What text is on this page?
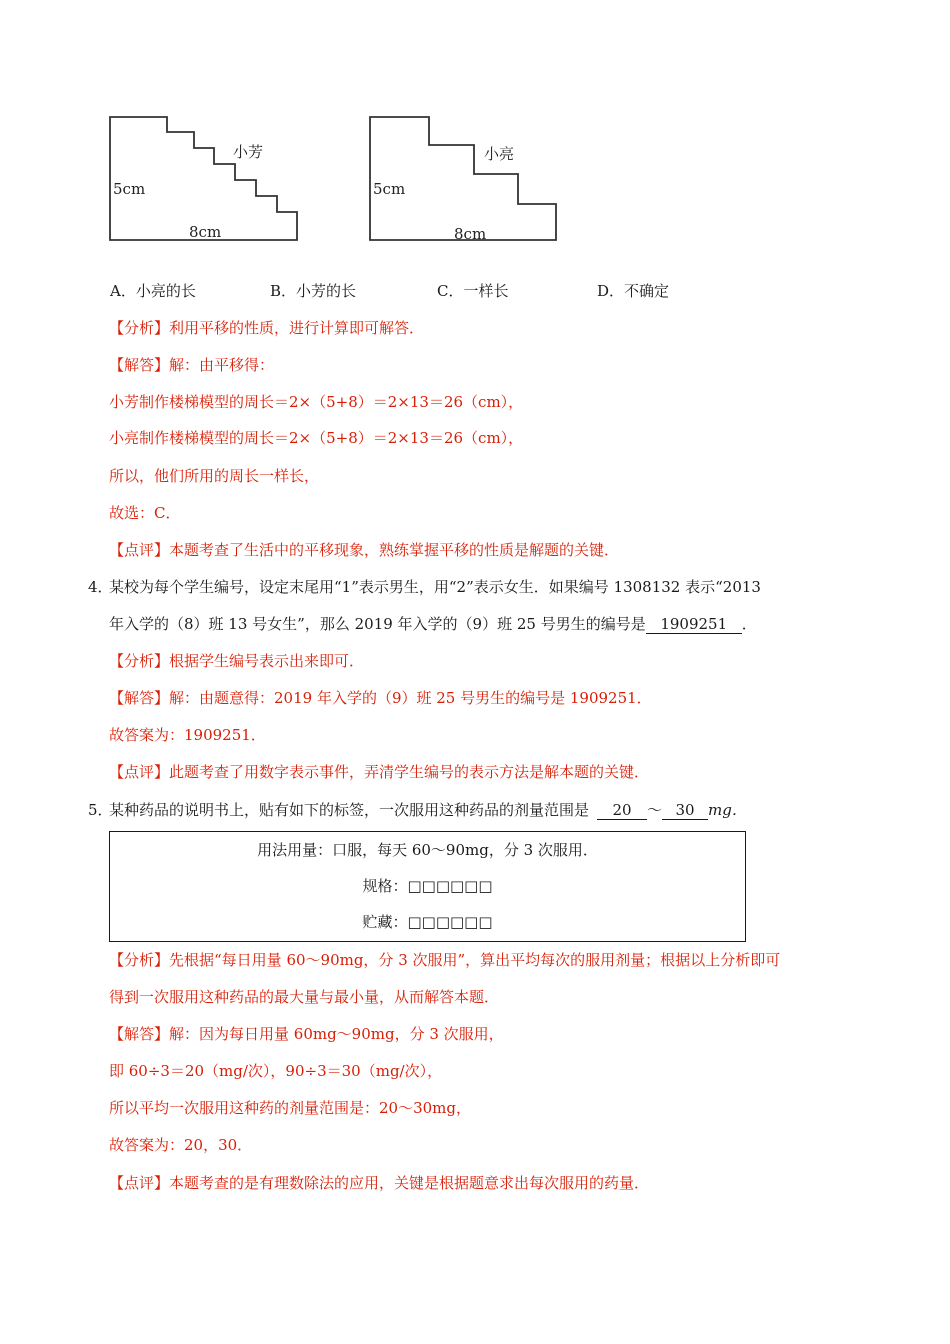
小芳
5cm
8cm
小亮
5cm
8cm
A．小亮的长	B．小芳的长	C．一样长	D．不确定
【分析】利用平移的性质，进行计算即可解答．
【解答】解：由平移得：
小芳制作楼梯模型的周长＝2×（5+8）＝2×13＝26（cm），
小亮制作楼梯模型的周长＝2×（5+8）＝2×13＝26（cm），
所以，他们所用的周长一样长，
故选：C．
【点评】本题考查了生活中的平移现象，熟练掌握平移的性质是解题的关键．
4．
某校为每个学生编号，设定末尾用“1”表示男生，用“2”表示女生．如果编号 1308132 表示“2013
年入学的（8）班 13 号女生”，那么 2019 年入学的（9）班 25 号男生的编号是 1909251 ．
【分析】根据学生编号表示出来即可．
【解答】解：由题意得：2019 年入学的（9）班 25 号男生的编号是 1909251．
故答案为：1909251．
【点评】此题考查了用数字表示事件，弄清学生编号的表示方法是解本题的关键．
5．
某种药品的说明书上，贴有如下的标签，一次服用这种药品的剂量范围是 20 ～ 30 mg．
用法用量：口服，每天 60～90mg，分 3 次服用．
规格：□□□□□□
贮藏：□□□□□□
【分析】先根据“每日用量 60～90mg，分 3 次服用”，算出平均每次的服用剂量；根据以上分析即可
得到一次服用这种药品的最大量与最小量，从而解答本题．
【解答】解：因为每日用量 60mg～90mg，分 3 次服用，
即 60÷3＝20（mg/次），90÷3＝30（mg/次），
所以平均一次服用这种药的剂量范围是：20～30mg，
故答案为：20，30．
【点评】本题考查的是有理数除法的应用，关键是根据题意求出每次服用的药量．
